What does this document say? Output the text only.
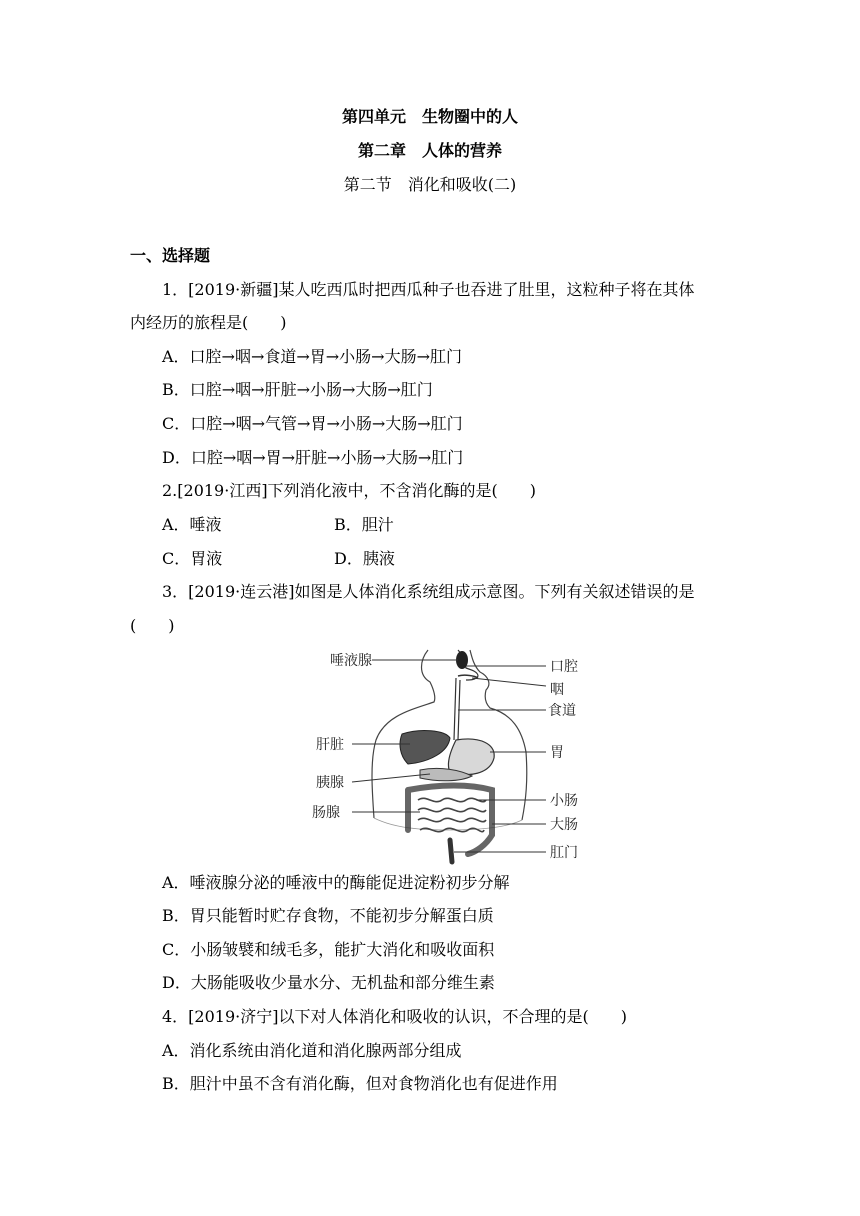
第四单元　生物圈中的人
第二章　人体的营养
第二节　消化和吸收(二)
一、选择题
1．[2019·新疆]某人吃西瓜时把西瓜种子也吞进了肚里，这粒种子将在其体
内经历的旅程是(　　)
A．口腔→咽→食道→胃→小肠→大肠→肛门
B．口腔→咽→肝脏→小肠→大肠→肛门
C．口腔→咽→气管→胃→小肠→大肠→肛门
D．口腔→咽→胃→肝脏→小肠→大肠→肛门
2.[2019·江西]下列消化液中，不含消化酶的是(　　)
A．唾液	B．胆汁
C．胃液	D．胰液
3．[2019·连云港]如图是人体消化系统组成示意图。下列有关叙述错误的是
(　　)
唾液腺
肝脏
胰腺
肠腺
口腔
咽
食道
胃
小肠
大肠
肛门
A．唾液腺分泌的唾液中的酶能促进淀粉初步分解
B．胃只能暂时贮存食物，不能初步分解蛋白质
C．小肠皱襞和绒毛多，能扩大消化和吸收面积
D．大肠能吸收少量水分、无机盐和部分维生素
4．[2019·济宁]以下对人体消化和吸收的认识，不合理的是(　　)
A．消化系统由消化道和消化腺两部分组成
B．胆汁中虽不含有消化酶，但对食物消化也有促进作用
